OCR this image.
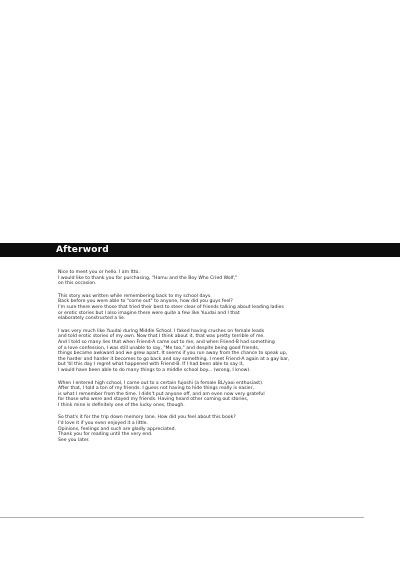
Afterword
Nice to meet you or hello. I am Itto.
I would like to thank you for purchasing, "Hamu and the Boy Who Cried Wolf,"
on this occasion.
This story was written while remembering back to my school days.
Back before you were able to "come out" to anyone, how did you guys feel?
I'm sure there were those that tried their best to steer clear of friends talking about leading ladies
or erotic stories but I also imagine there were quite a few like Yuudai and I that
elaborately constructed a lie.
I was very much like Yuudai during Middle School. I faked having crushes on female leads
and told erotic stories of my own. Now that I think about it, that was pretty terrible of me.
And I told so many lies that when Friend-A came out to me, and when Friend-B had something
of a love confession, I was still unable to say, "Me too," and despite being good friends,
things became awkward and we grew apart. It seems if you run away from the chance to speak up,
the harder and harder it becomes to go back and say something. I meet Friend-A again at a gay bar,
but 'til this day I regret what happened with Friend-B. If I had been able to say it,
I would have been able to do many things to a middle school boy... (wrong, I know).
When I entered high school, I came out to a certain fujoshi (a female BL/yaoi enthusiast).
After that, I told a ton of my friends. I guess not having to hide things really is easier,
is what I remember from the time. I didn't put anyone off, and am even now very grateful
for those who were and stayed my friends. Having heard other coming out stories,
I think mine is definitely one of the lucky ones, though.
So that's it for the trip down memory lane. How did you feel about this book?
I'd love it if you even enjoyed it a little.
Opinions, feelings and such are gladly appreciated.
Thank you for reading until the very end.
See you later.
